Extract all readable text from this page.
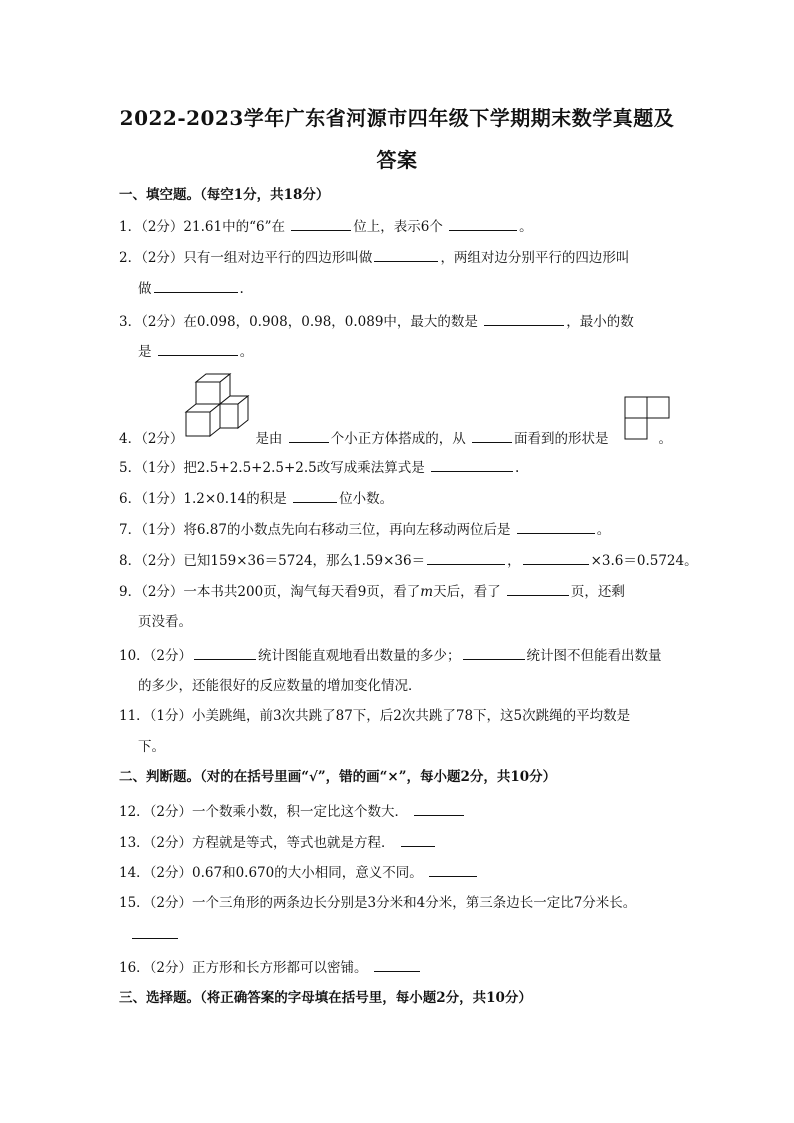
2022-2023学年广东省河源市四年级下学期期末数学真题及
答案
一、填空题。（每空1分，共18分）
1．（2分）21.61中的“6”在	位上，表示6个	。
2．（2分）只有一组对边平行的四边形叫做	，两组对边分别平行的四边形叫
做	.
3．（2分）在0.098，0.908，0.98，0.089中，最大的数是	，最小的数
是	。
4．（2分）	是由	个小正方体搭成的，从	面看到的形状是	。
5．（1分）把2.5+2.5+2.5+2.5改写成乘法算式是	.
6．（1分）1.2×0.14的积是	位小数。
7．（1分）将6.87的小数点先向右移动三位，再向左移动两位后是	。
8．（2分）已知159×36＝5724，那么1.59×36＝	，	×3.6＝0.5724。
9．（2分）一本书共200页，淘气每天看9页，看了m天后，看了	页，还剩
页没看。
10．（2分）	统计图能直观地看出数量的多少；	统计图不但能看出数量
的多少，还能很好的反应数量的增加变化情况．
11．（1分）小美跳绳，前3次共跳了87下，后2次共跳了78下，这5次跳绳的平均数是
下。
二、判断题。（对的在括号里画“√”，错的画“×”，每小题2分，共10分）
12．（2分）一个数乘小数，积一定比这个数大．
13．（2分）方程就是等式，等式也就是方程．
14．（2分）0.67和0.670的大小相同，意义不同。
15．（2分）一个三角形的两条边长分别是3分米和4分米，第三条边长一定比7分米长。
16．（2分）正方形和长方形都可以密铺。
三、选择题。（将正确答案的字母填在括号里，每小题2分，共10分）
